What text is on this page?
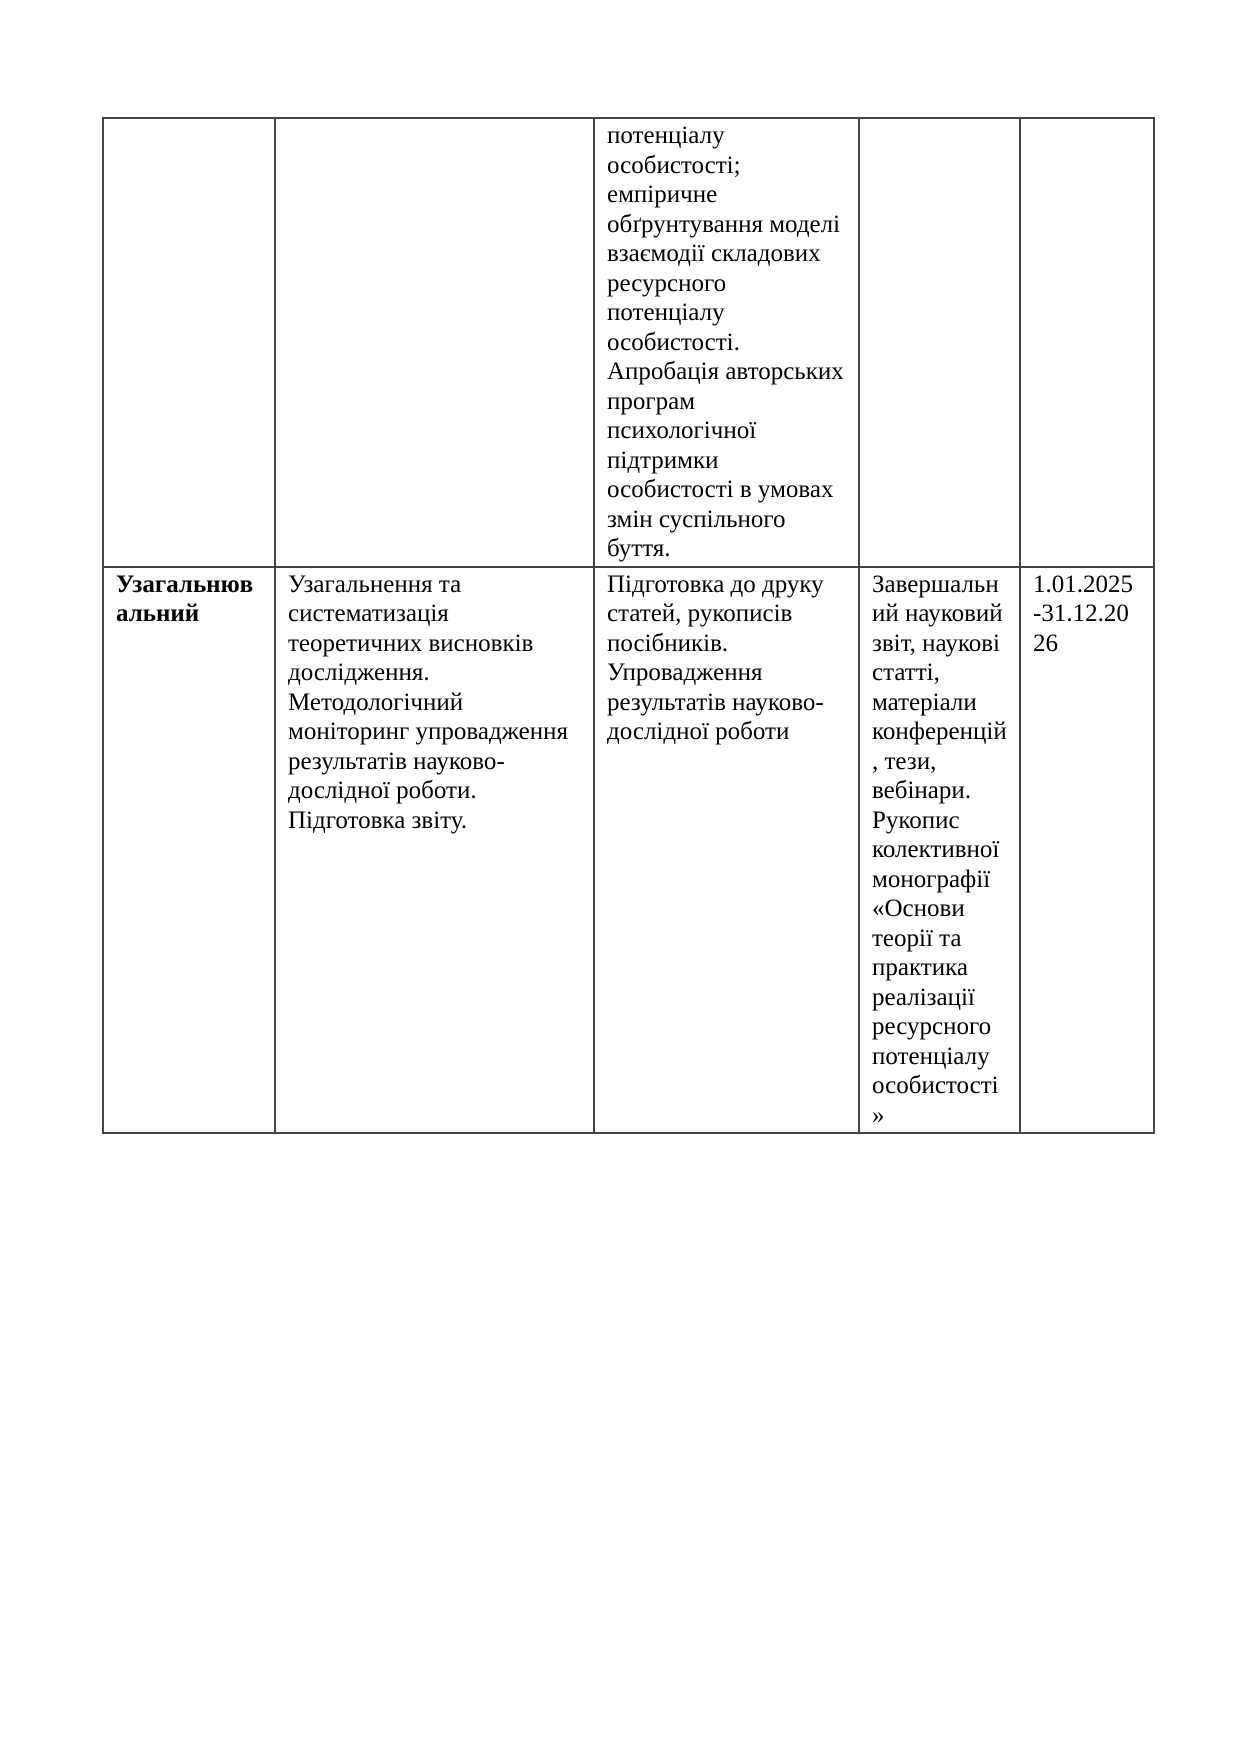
		потенціалу особистості; емпіричне обґрунтування моделі взаємодії складових ресурсного потенціалу особистості. Апробація авторських програм психологічної підтримки особистості в умовах змін суспільного буття.		
Узагальнювальний	Узагальнення та систематизація теоретичних висновків дослідження. Методологічний моніторинг упровадження результатів науково-дослідної роботи. Підготовка звіту.	Підготовка до друку статей, рукописів посібників. Упровадження результатів науково-дослідної роботи	Завершальний науковий звіт, наукові статті, матеріали конференцій, тези, вебінари. Рукопис колективної монографії «Основи теорії та практика реалізації ресурсного потенціалу особистості»	1.01.2025-31.12.2026
